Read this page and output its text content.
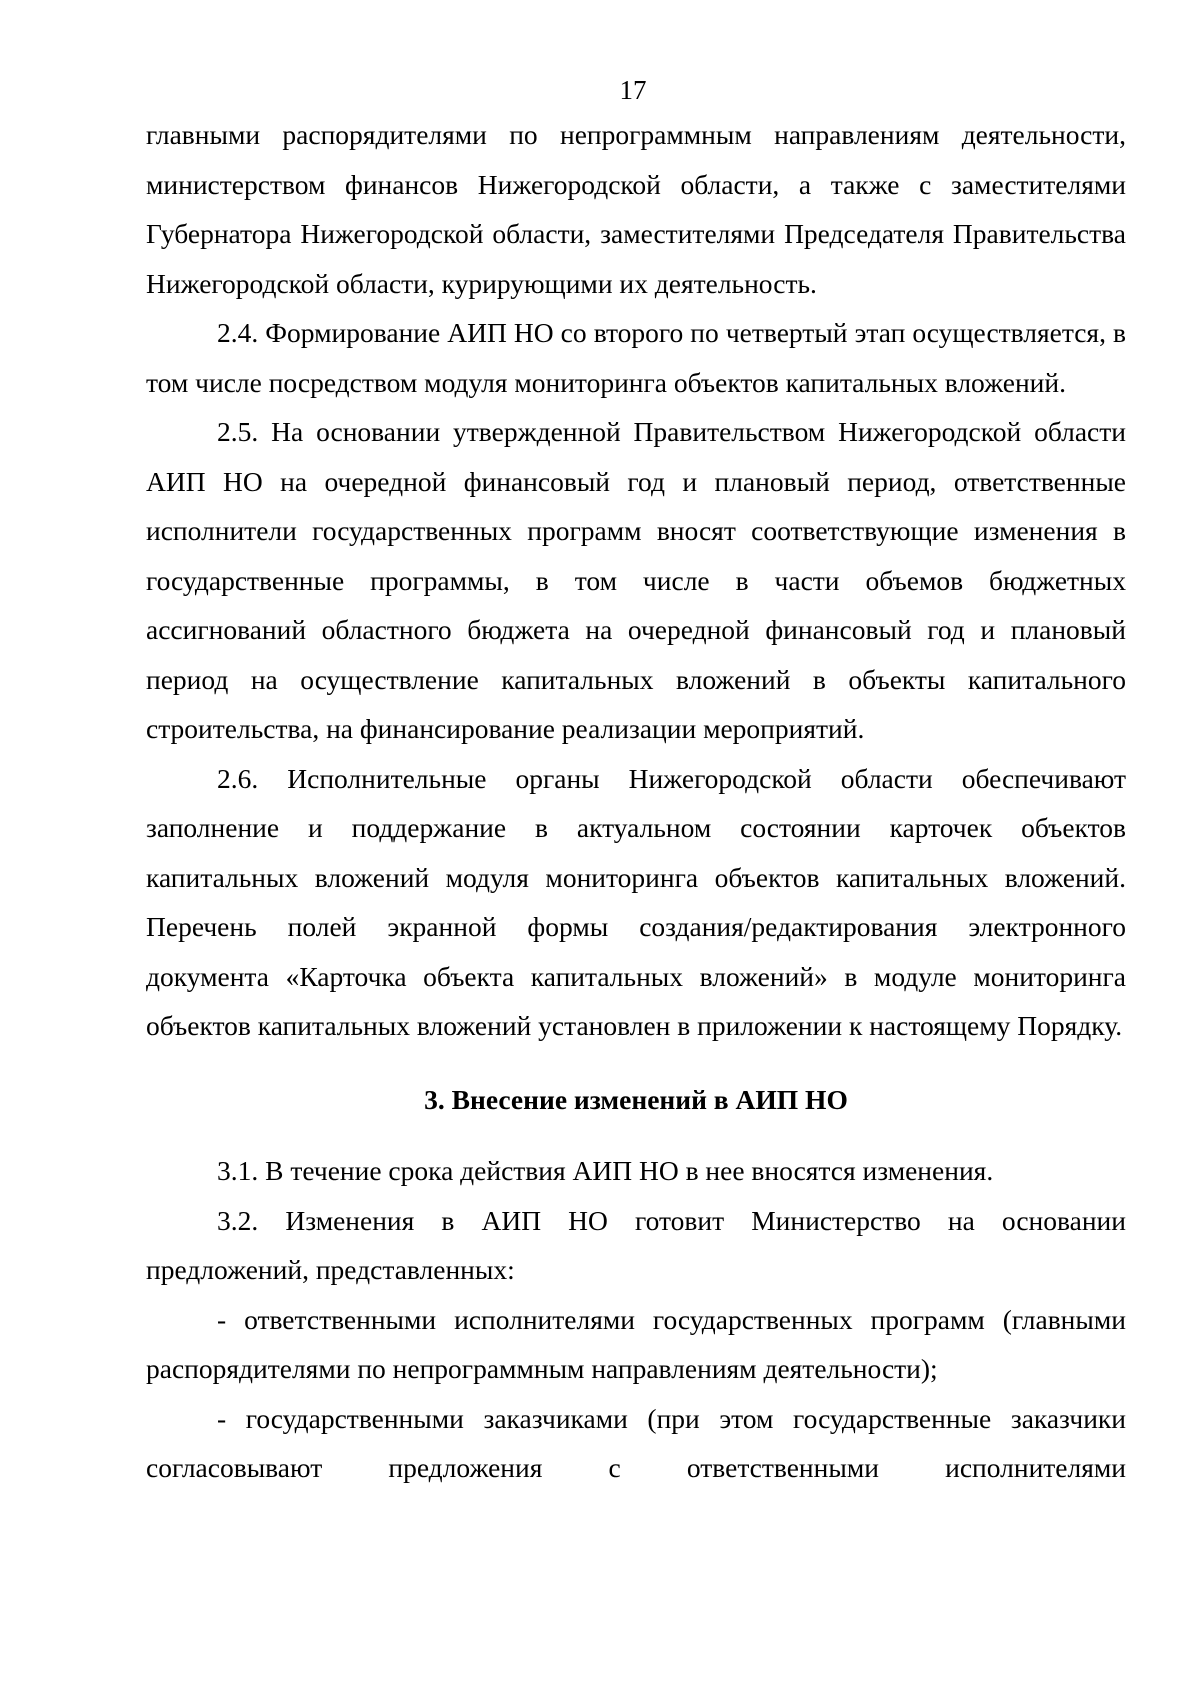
17

главными распорядителями по непрограммным направлениям деятельности, министерством финансов Нижегородской области, а также с заместителями Губернатора Нижегородской области, заместителями Председателя Правительства Нижегородской области, курирующими их деятельность.

2.4. Формирование АИП НО со второго по четвертый этап осуществляется, в том числе посредством модуля мониторинга объектов капитальных вложений.

2.5. На основании утвержденной Правительством Нижегородской области АИП НО на очередной финансовый год и плановый период, ответственные исполнители государственных программ вносят соответствующие изменения в государственные программы, в том числе в части объемов бюджетных ассигнований областного бюджета на очередной финансовый год и плановый период на осуществление капитальных вложений в объекты капитального строительства, на финансирование реализации мероприятий.

2.6. Исполнительные органы Нижегородской области обеспечивают заполнение и поддержание в актуальном состоянии карточек объектов капитальных вложений модуля мониторинга объектов капитальных вложений. Перечень полей экранной формы создания/редактирования электронного документа «Карточка объекта капитальных вложений» в модуле мониторинга объектов капитальных вложений установлен в приложении к настоящему Порядку.

3. Внесение изменений в АИП НО

3.1. В течение срока действия АИП НО в нее вносятся изменения.

3.2. Изменения в АИП НО готовит Министерство на основании предложений, представленных:

- ответственными исполнителями государственных программ (главными распорядителями по непрограммным направлениям деятельности);

- государственными заказчиками (при этом государственные заказчики согласовывают предложения с ответственными исполнителями
